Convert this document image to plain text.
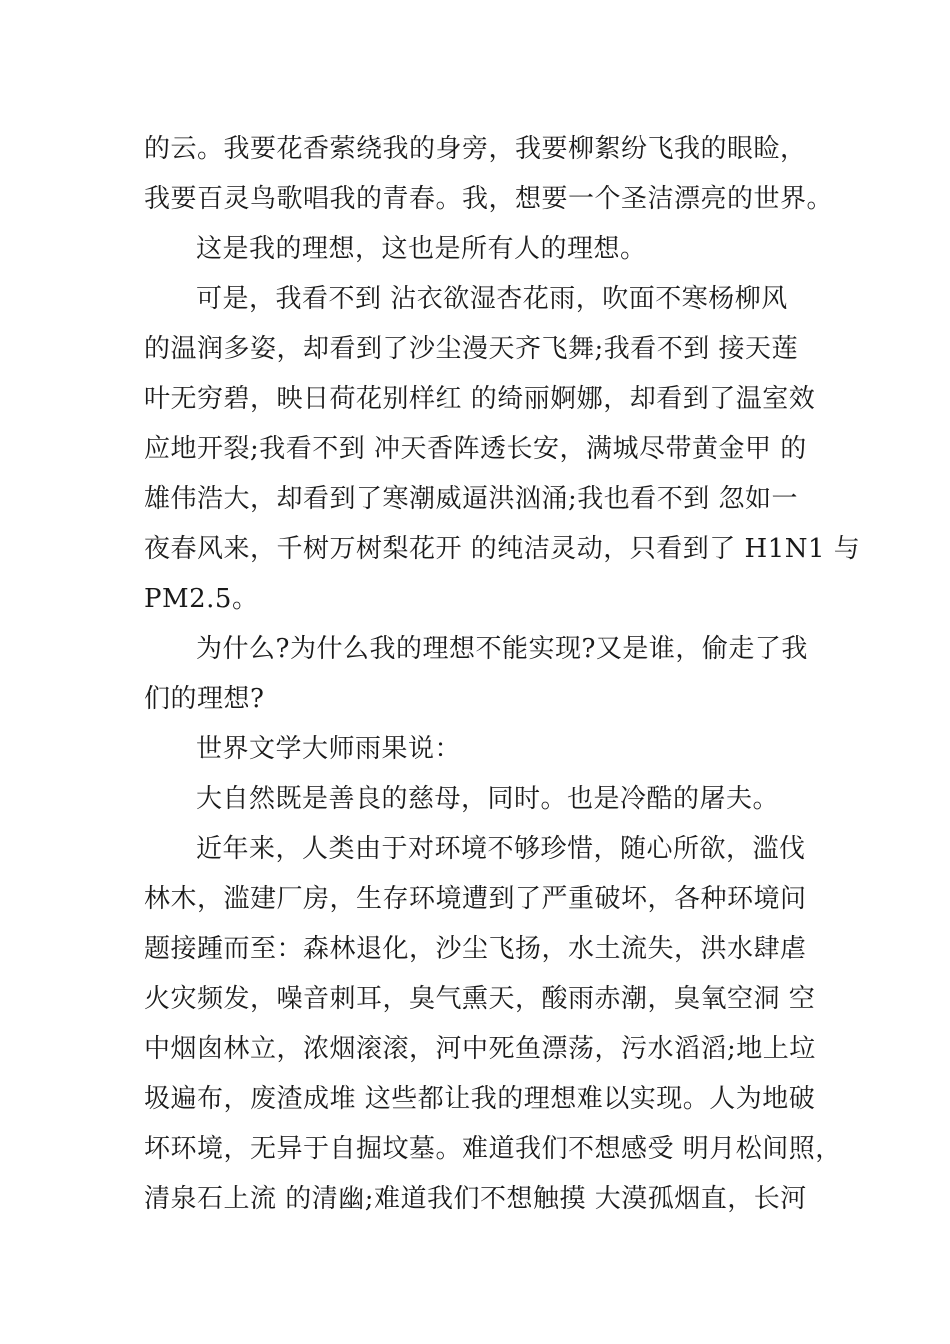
的云。我要花香萦绕我的身旁，我要柳絮纷飞我的眼睑，
我要百灵鸟歌唱我的青春。我，想要一个圣洁漂亮的世界。
这是我的理想，这也是所有人的理想。
可是，我看不到 沾衣欲湿杏花雨，吹面不寒杨柳风
的温润多姿，却看到了沙尘漫天齐飞舞;我看不到 接天莲
叶无穷碧，映日荷花别样红 的绮丽婀娜，却看到了温室效
应地开裂;我看不到 冲天香阵透长安，满城尽带黄金甲 的
雄伟浩大，却看到了寒潮威逼洪汹涌;我也看不到 忽如一
夜春风来，千树万树梨花开 的纯洁灵动，只看到了 H1N1 与
PM2.5。
为什么?为什么我的理想不能实现?又是谁，偷走了我
们的理想?
世界文学大师雨果说：
大自然既是善良的慈母，同时。也是冷酷的屠夫。
近年来，人类由于对环境不够珍惜，随心所欲，滥伐
林木，滥建厂房，生存环境遭到了严重破坏，各种环境问
题接踵而至：森林退化，沙尘飞扬，水土流失，洪水肆虐
火灾频发，噪音刺耳，臭气熏天，酸雨赤潮，臭氧空洞 空
中烟囱林立，浓烟滚滚，河中死鱼漂荡，污水滔滔;地上垃
圾遍布，废渣成堆 这些都让我的理想难以实现。人为地破
坏环境，无异于自掘坟墓。难道我们不想感受 明月松间照，
清泉石上流 的清幽;难道我们不想触摸 大漠孤烟直，长河
